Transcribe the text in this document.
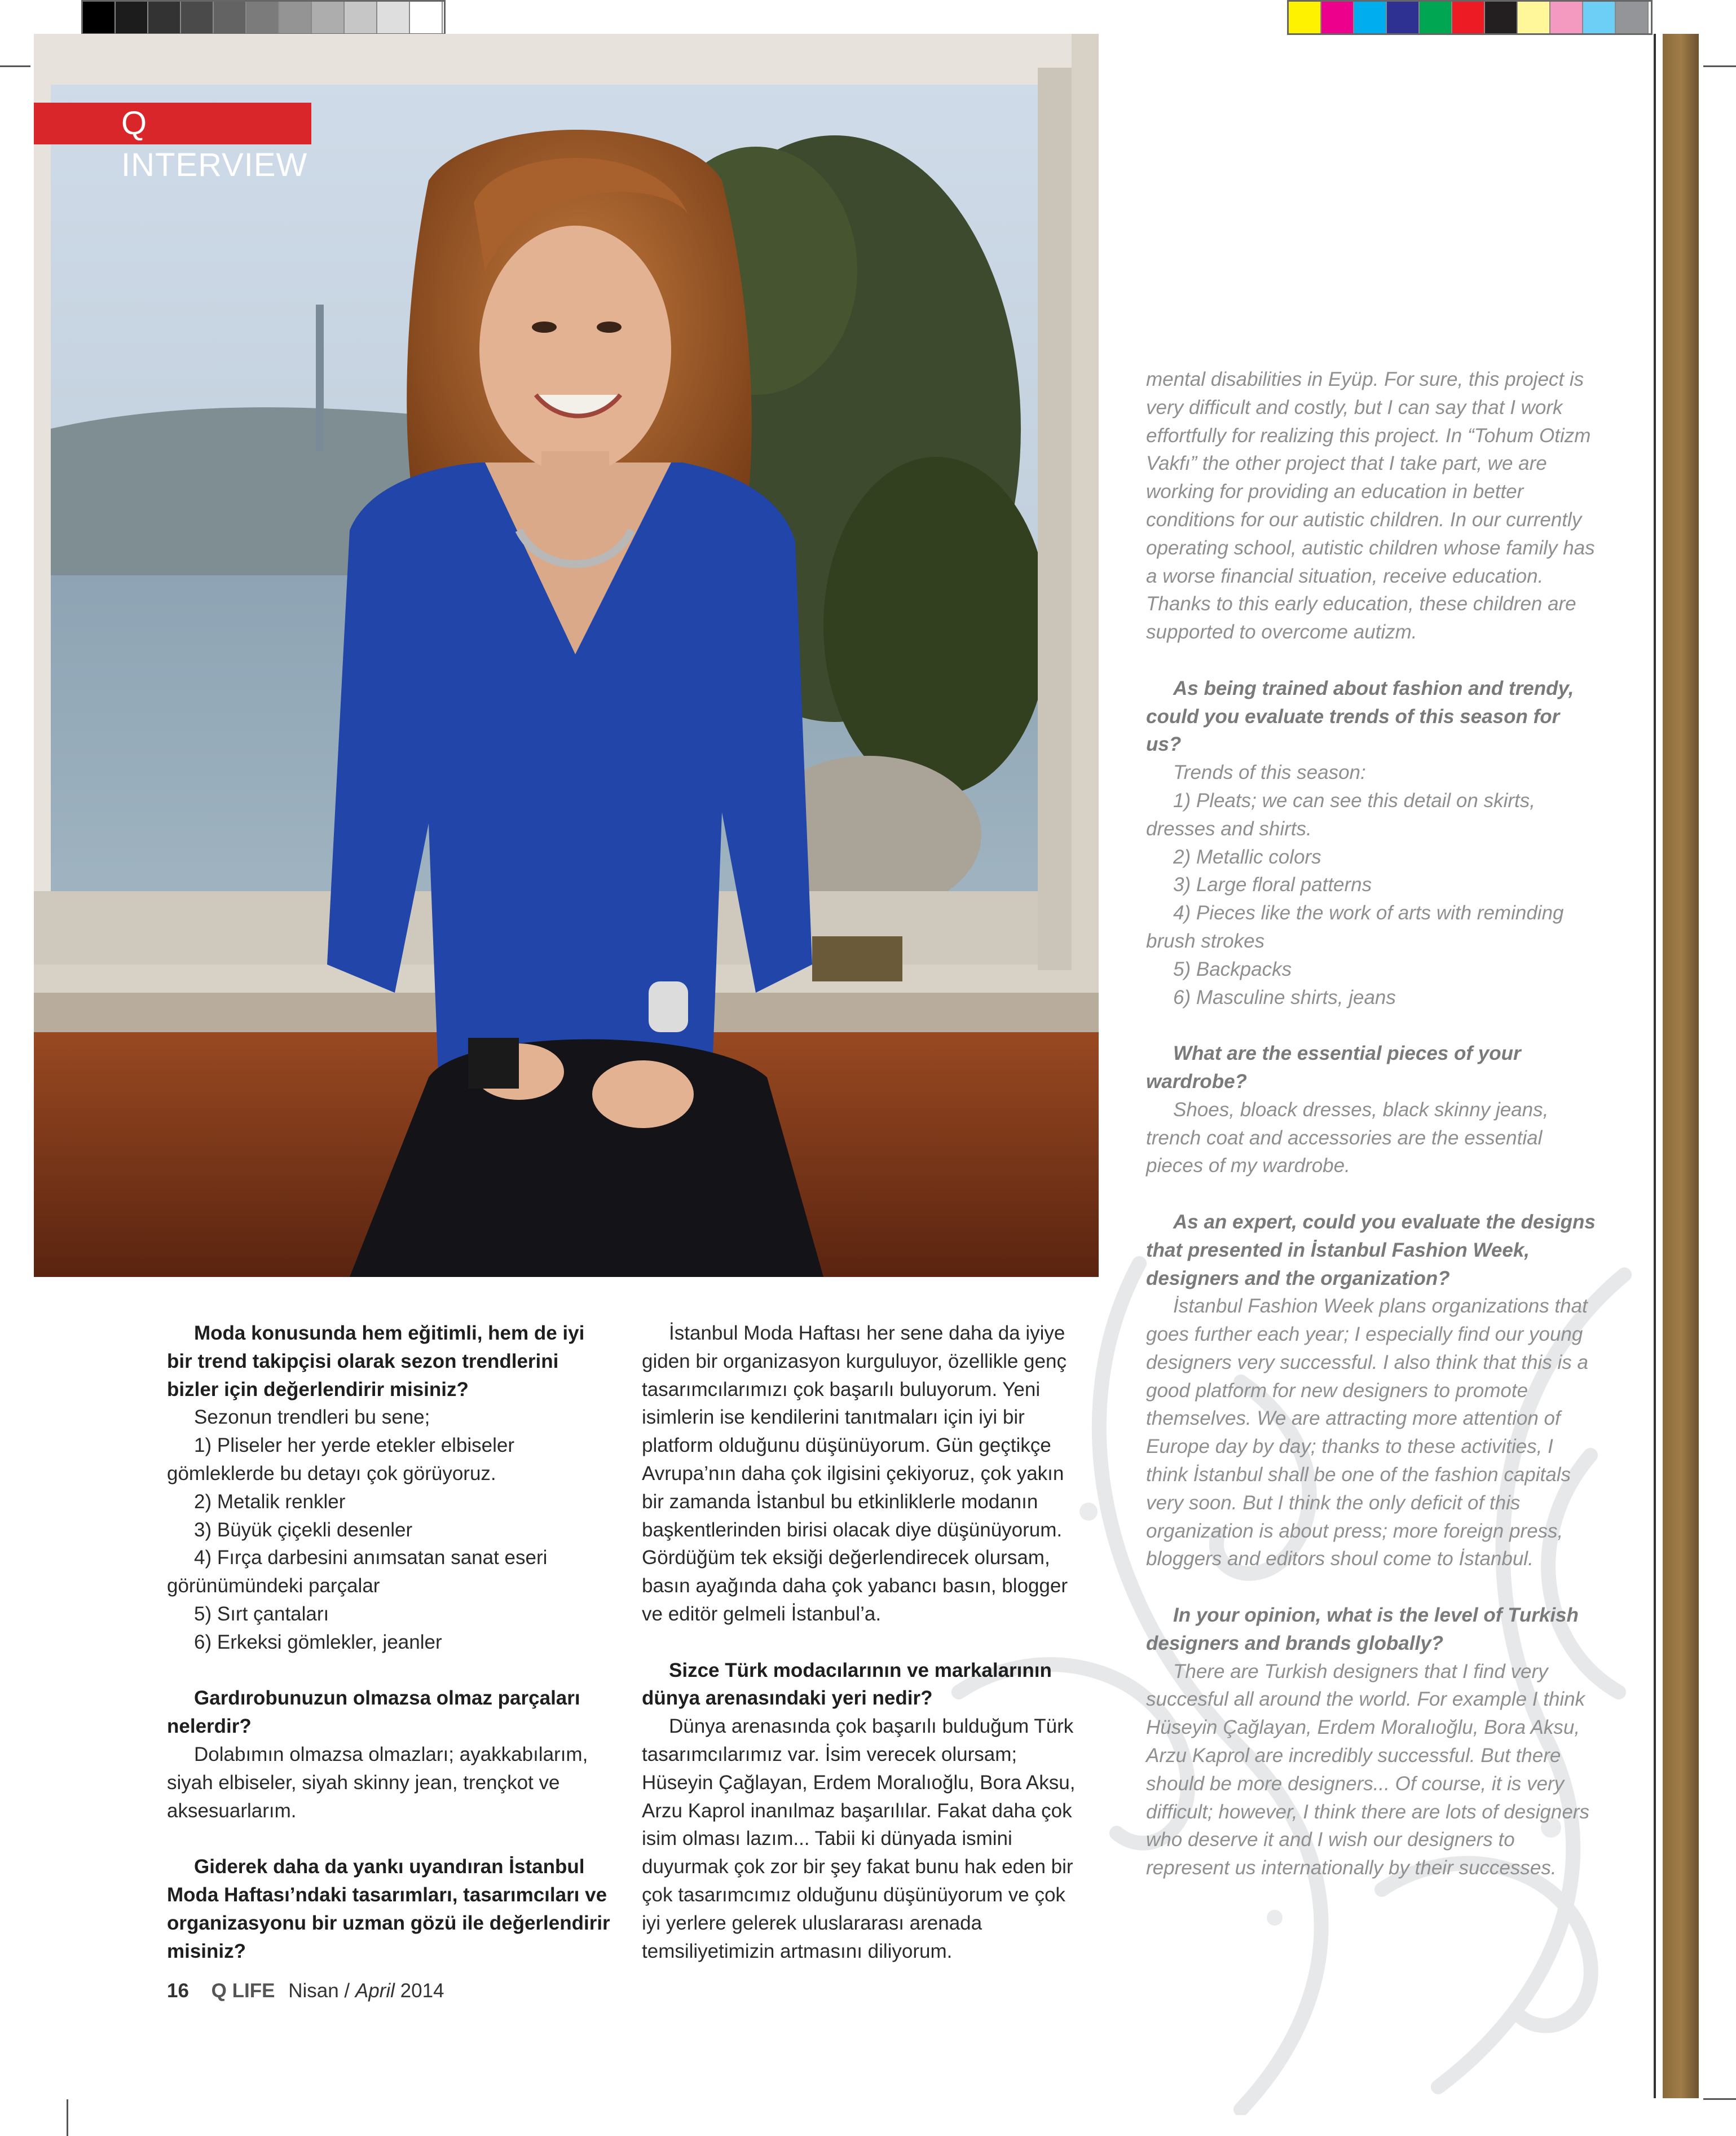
Q INTERVIEW

Moda konusunda hem eğitimli, hem de iyi bir trend takipçisi olarak sezon trendlerini bizler için değerlendirir misiniz?

Sezonun trendleri bu sene;

1) Pliseler her yerde etekler elbiseler gömleklerde bu detayı çok görüyoruz.

2) Metalik renkler

3) Büyük çiçekli desenler

4) Fırça darbesini anımsatan sanat eseri görünümündeki parçalar

5) Sırt çantaları

6) Erkeksi gömlekler, jeanler

Gardırobunuzun olmazsa olmaz parçaları nelerdir?

Dolabımın olmazsa olmazları; ayakkabılarım, siyah elbiseler, siyah skinny jean, trençkot ve aksesuarlarım.

Giderek daha da yankı uyandıran İstanbul Moda Haftası’ndaki tasarımları, tasarımcıları ve organizasyonu bir uzman gözü ile değerlendirir misiniz?

İstanbul Moda Haftası her sene daha da iyiye giden bir organizasyon kurguluyor, özellikle genç tasarımcılarımızı çok başarılı buluyorum. Yeni isimlerin ise kendilerini tanıtmaları için iyi bir platform olduğunu düşünüyorum. Gün geçtikçe Avrupa’nın daha çok ilgisini çekiyoruz, çok yakın bir zamanda İstanbul bu etkinliklerle modanın başkentlerinden birisi olacak diye düşünüyorum. Gördüğüm tek eksiği değerlendirecek olursam, basın ayağında daha çok yabancı basın, blogger ve editör gelmeli İstanbul’a.

Sizce Türk modacılarının ve markalarının dünya arenasındaki yeri nedir?

Dünya arenasında çok başarılı bulduğum Türk tasarımcılarımız var. İsim verecek olursam; Hüseyin Çağlayan, Erdem Moralıoğlu, Bora Aksu, Arzu Kaprol inanılmaz başarılılar. Fakat daha çok isim olması lazım... Tabii ki dünyada ismini duyurmak çok zor bir şey fakat bunu hak eden bir çok tasarımcımız olduğunu düşünüyorum ve çok iyi yerlere gelerek uluslararası arenada temsiliyetimizin artmasını diliyorum.

mental disabilities in Eyüp. For sure, this project is very difficult and costly, but I can say that I work effortfully for realizing this project. In “Tohum Otizm Vakfı” the other project that I take part, we are working for providing an education in better conditions for our autistic children. In our currently operating school, autistic children whose family has a worse financial situation, receive education. Thanks to this early education, these children are supported to overcome autizm.

As being trained about fashion and trendy, could you evaluate trends of this season for us?

Trends of this season:

1) Pleats; we can see this detail on skirts, dresses and shirts.

2) Metallic colors

3) Large floral patterns

4) Pieces like the work of arts with reminding brush strokes

5) Backpacks

6) Masculine shirts, jeans

What are the essential pieces of your wardrobe?

Shoes, bloack dresses, black skinny jeans, trench coat and accessories are the essential pieces of my wardrobe.

As an expert, could you evaluate the designs that presented in İstanbul Fashion Week, designers and the organization?

İstanbul Fashion Week plans organizations that goes further each year; I especially find our young designers very successful. I also think that this is a good platform for new designers to promote themselves. We are attracting more attention of Europe day by day; thanks to these activities, I think İstanbul shall be one of the fashion capitals very soon. But I think the only deficit of this organization is about press; more foreign press, bloggers and editors shoul come to İstanbul.

In your opinion, what is the level of Turkish designers and brands globally?

There are Turkish designers that I find very succesful all around the world. For example I think Hüseyin Çağlayan, Erdem Moralıoğlu, Bora Aksu, Arzu Kaprol are incredibly successful. But there should be more designers... Of course, it is very difficult; however, I think there are lots of designers who deserve it and I wish our designers to represent us internationally by their successes.

16 Q LIFE Nisan / April 2014
